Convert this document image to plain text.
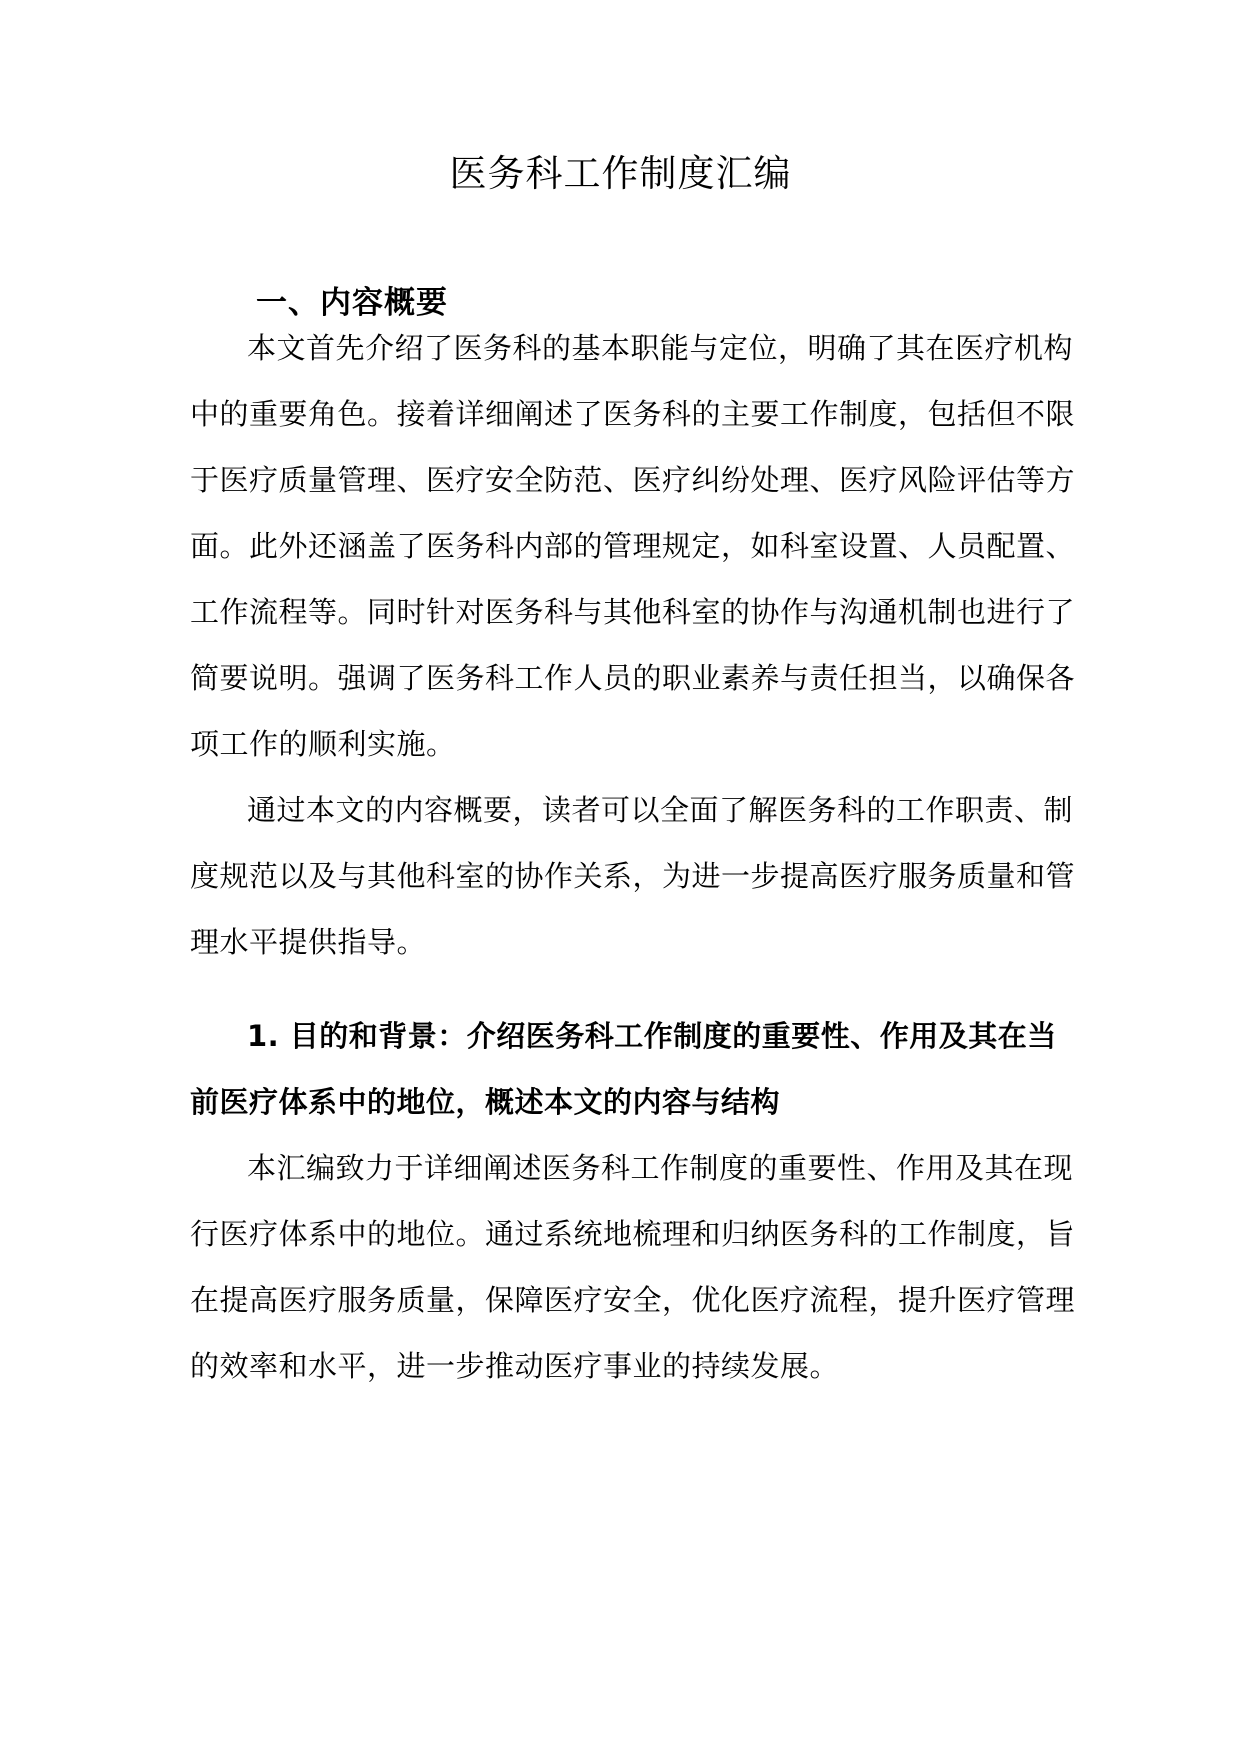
医务科工作制度汇编
一、内容概要
本文首先介绍了医务科的基本职能与定位，明确了其在医疗机构
中的重要角色。接着详细阐述了医务科的主要工作制度，包括但不限
于医疗质量管理、医疗安全防范、医疗纠纷处理、医疗风险评估等方
面。此外还涵盖了医务科内部的管理规定，如科室设置、人员配置、
工作流程等。同时针对医务科与其他科室的协作与沟通机制也进行了
简要说明。强调了医务科工作人员的职业素养与责任担当，以确保各
项工作的顺利实施。
通过本文的内容概要，读者可以全面了解医务科的工作职责、制
度规范以及与其他科室的协作关系，为进一步提高医疗服务质量和管
理水平提供指导。
1. 目的和背景：介绍医务科工作制度的重要性、作用及其在当
前医疗体系中的地位，概述本文的内容与结构
本汇编致力于详细阐述医务科工作制度的重要性、作用及其在现
行医疗体系中的地位。通过系统地梳理和归纳医务科的工作制度，旨
在提高医疗服务质量，保障医疗安全，优化医疗流程，提升医疗管理
的效率和水平，进一步推动医疗事业的持续发展。
